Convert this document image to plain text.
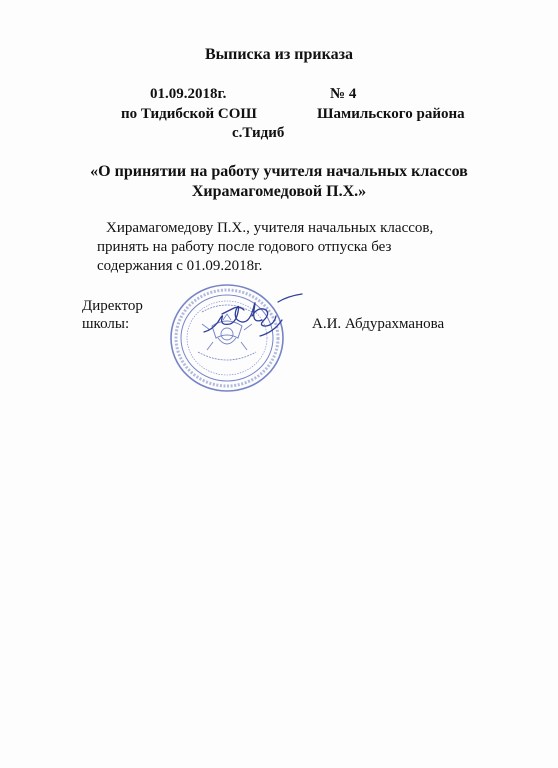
Выписка из приказа
01.09.2018г.	№ 4
по Тидибской СОШ	Шамильского района
с.Тидиб
«О принятии на работу учителя начальных классов
Хирамагомедовой П.Х.»
Хирамагомедову П.Х., учителя начальных классов,
принять на работу после годового отпуска без
содержания с 01.09.2018г.
Директор
школы:	А.И. Абдурахманова
